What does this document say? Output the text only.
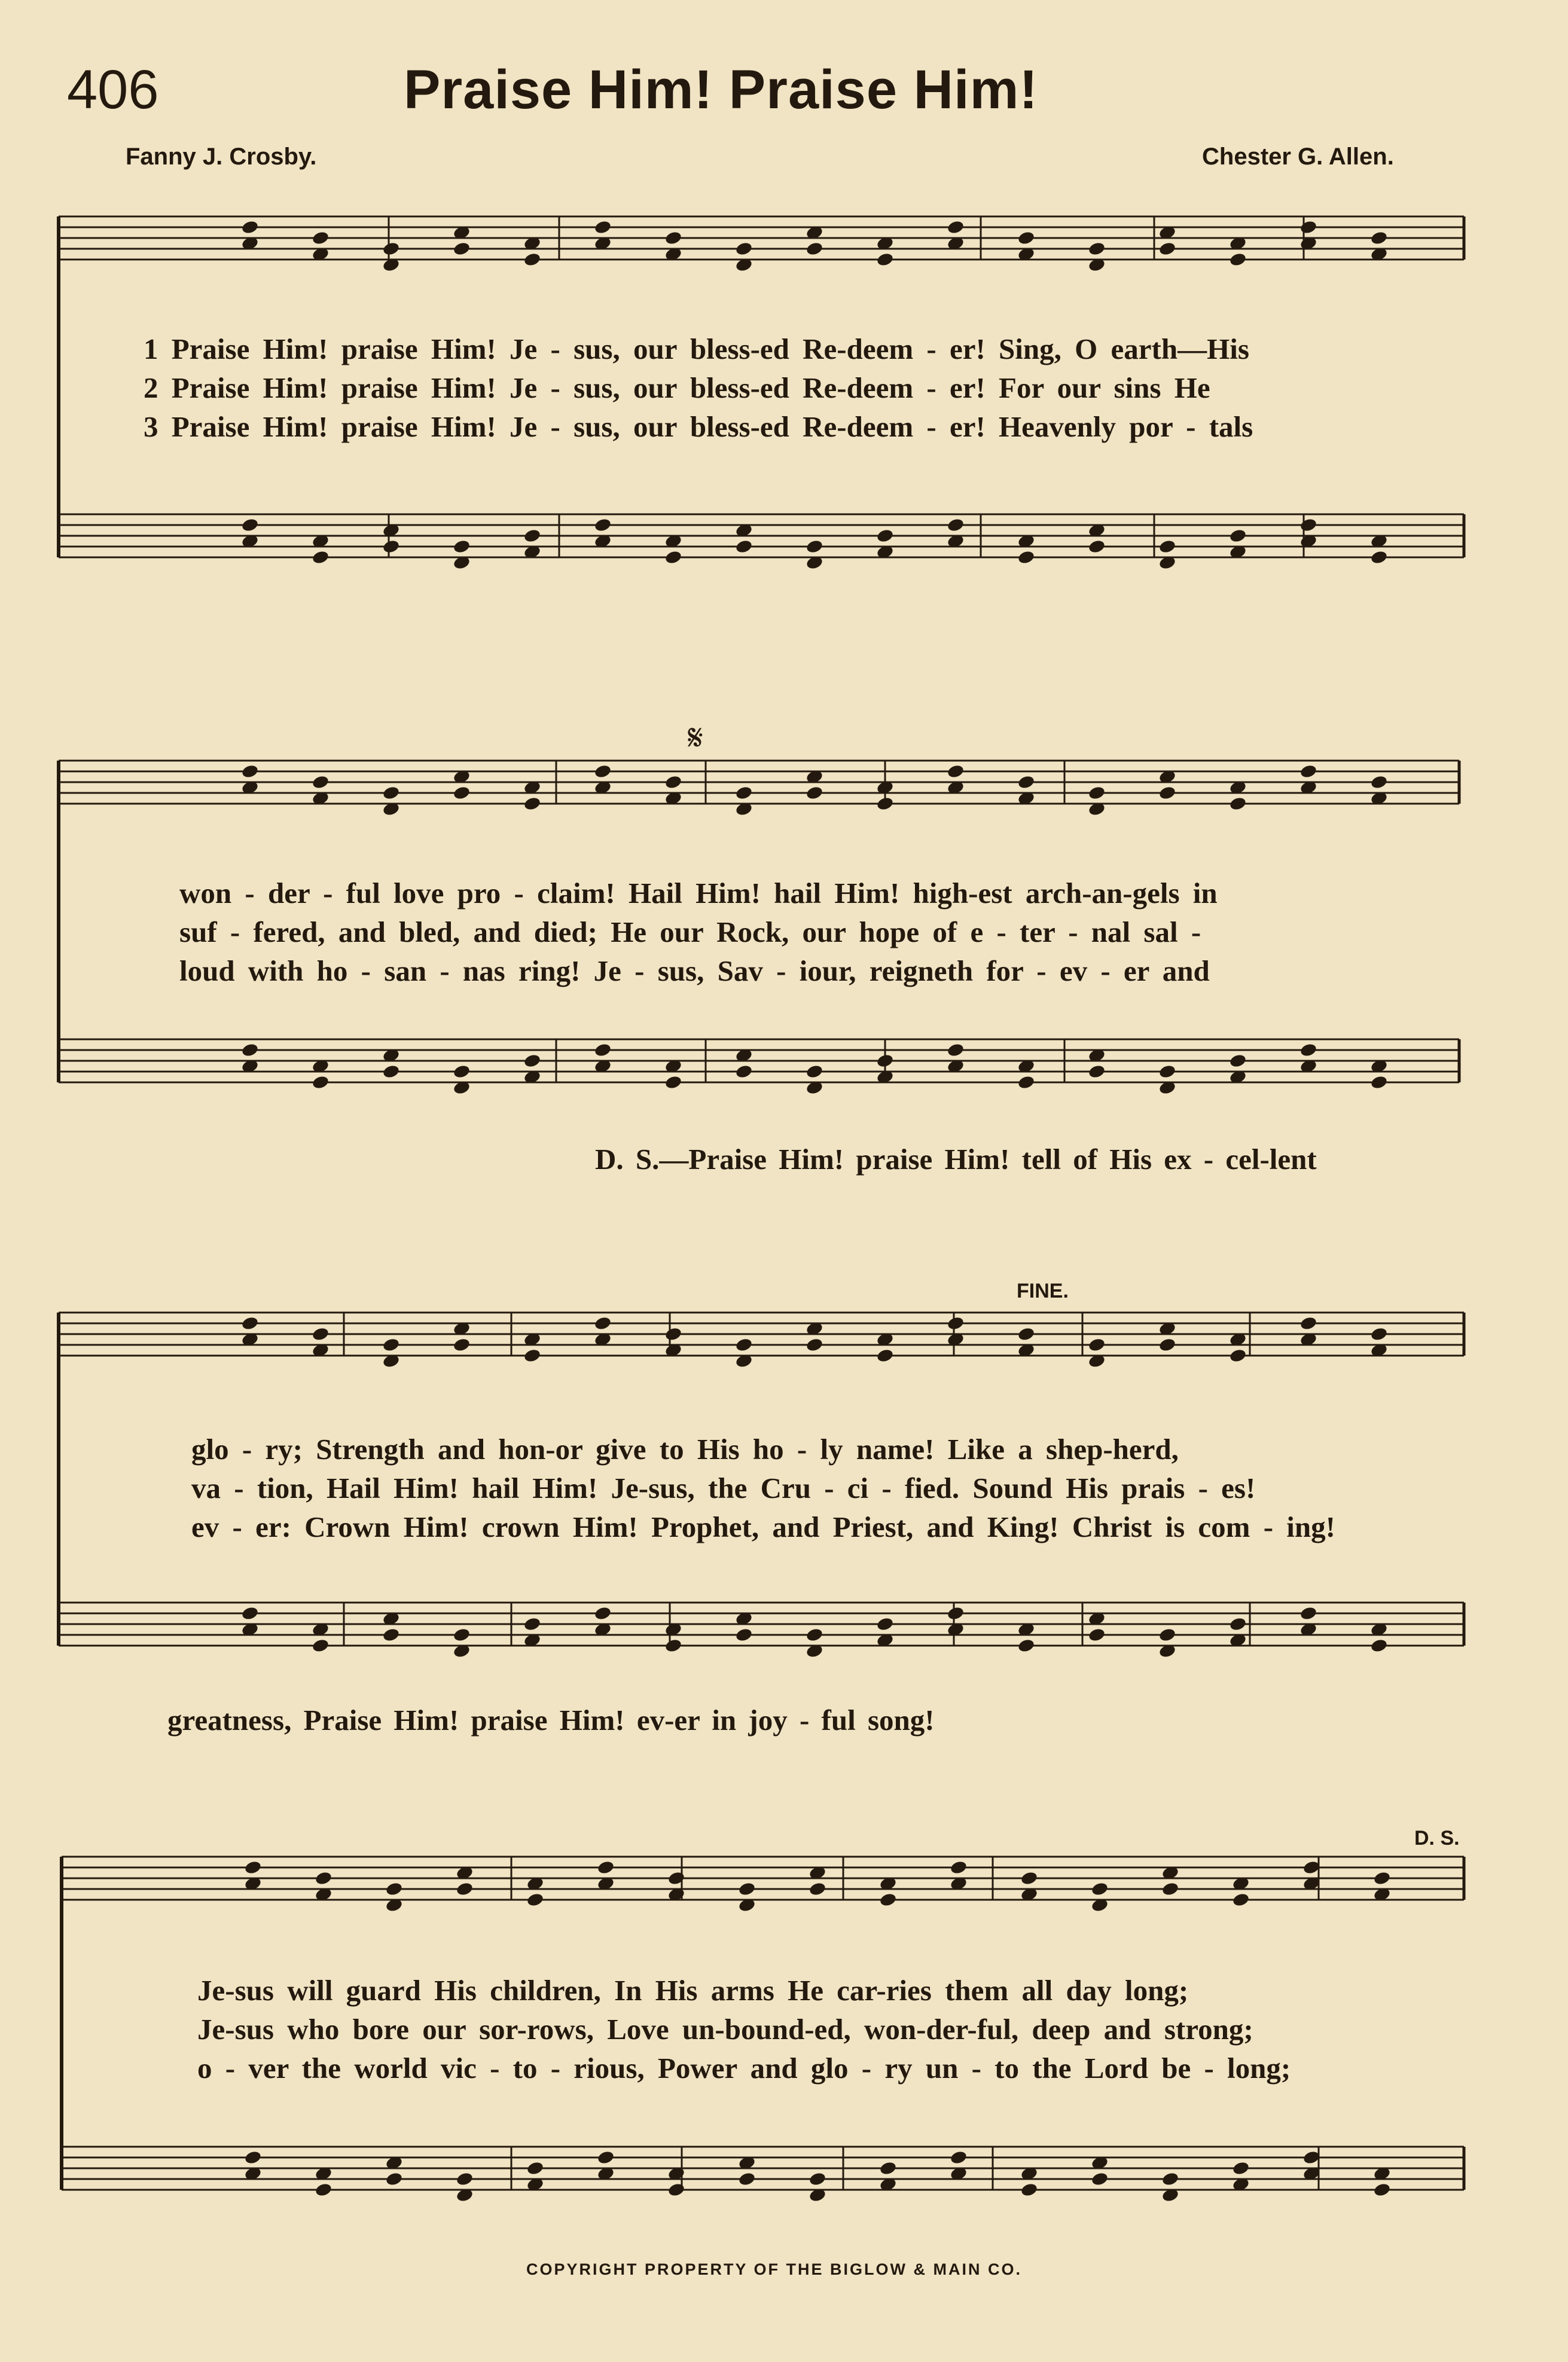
406	Praise Him! Praise Him!
Fanny J. Crosby.	Chester G. Allen.
1 Praise Him! praise Him! Je - sus, our bless-ed Re-deem - er! Sing, O earth—His
2 Praise Him! praise Him! Je - sus, our bless-ed Re-deem - er! For our sins He
3 Praise Him! praise Him! Je - sus, our bless-ed Re-deem - er! Heavenly por - tals
won - der - ful love pro - claim! Hail Him! hail Him! high-est arch-an-gels in
suf - fered, and bled, and died; He our Rock, our hope of e - ter - nal sal -
loud with ho - san - nas ring! Je - sus, Sav - iour, reigneth for - ev - er and
D. S.—Praise Him! praise Him! tell of His ex - cel-lent
glo - ry; Strength and hon-or give to His ho - ly name! Like a shep-herd,
va - tion, Hail Him! hail Him! Je-sus, the Cru - ci - fied. Sound His prais - es!
ev - er: Crown Him! crown Him! Prophet, and Priest, and King! Christ is com - ing!
greatness, Praise Him! praise Him! ev-er in joy - ful song!
Je-sus will guard His children, In His arms He car-ries them all day long;
Je-sus who bore our sor-rows, Love un-bound-ed, won-der-ful, deep and strong;
o - ver the world vic - to - rious, Power and glo - ry un - to the Lord be - long;
FINE.
D. S.
𝄋
COPYRIGHT PROPERTY OF THE BIGLOW & MAIN CO.
